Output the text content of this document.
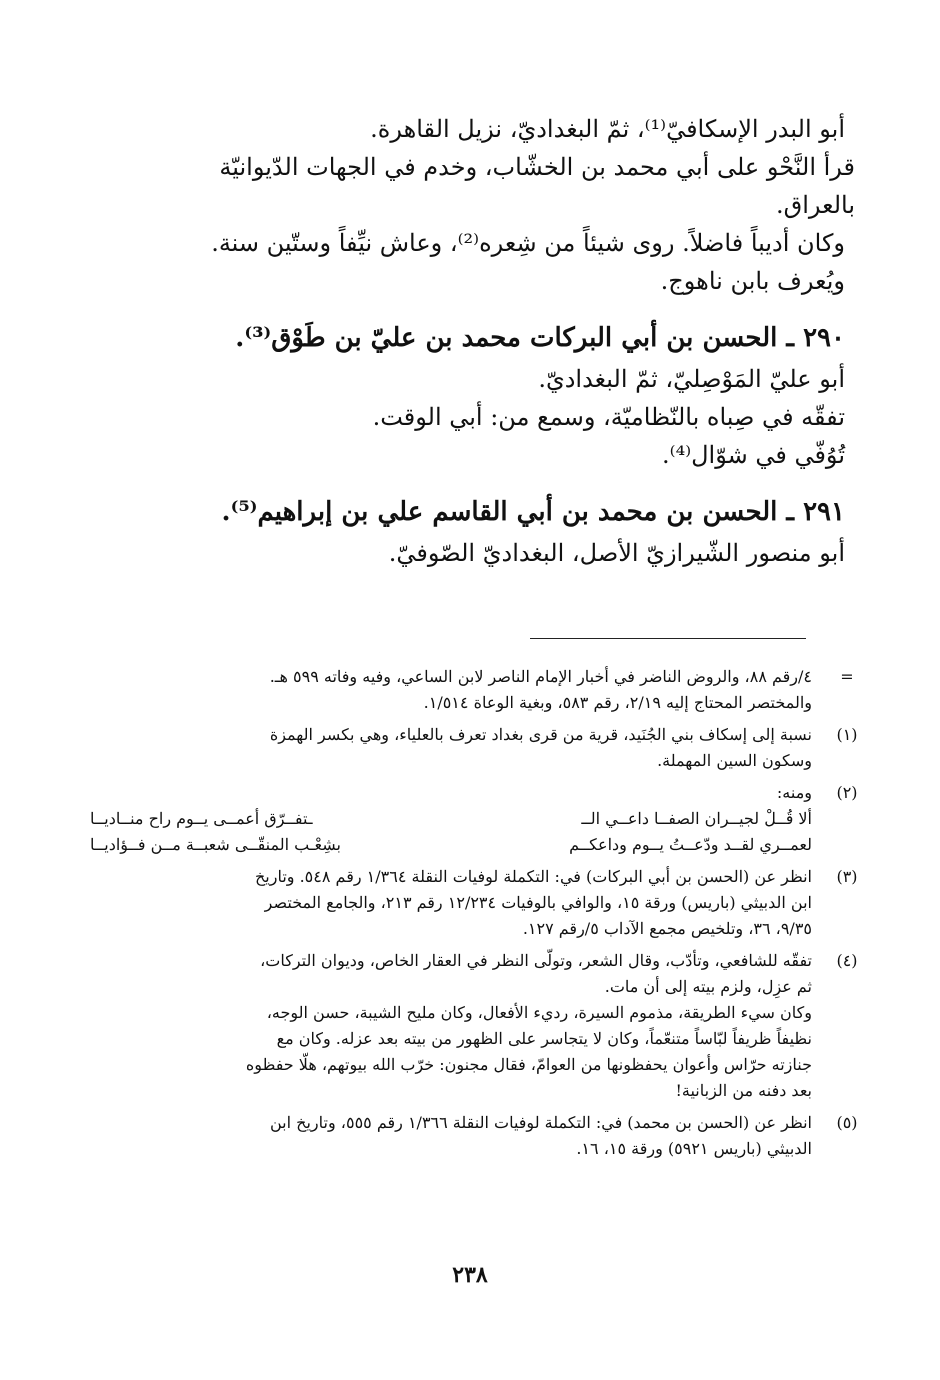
أبو البدر الإسكافيّ⁽¹⁾، ثمّ البغداديّ، نزيل القاهرة.

قرأ النَّحْو على أبي محمد بن الخشّاب، وخدم في الجهات الدّيوانيّة

بالعراق.

وكان أديباً فاضلاً. روى شيئاً من شِعره⁽²⁾، وعاش نيِّفاً وستّين سنة.

ويُعرف بابن ناهوج.

٢٩٠ ـ الحسن بن أبي البركات محمد بن عليّ بن طَوْق⁽³⁾.

أبو عليّ المَوْصِليّ، ثمّ البغداديّ.

تفقّه في صِباه بالنّظاميّة، وسمع من: أبي الوقت.

تُوُفّي في شوّال⁽⁴⁾.

٢٩١ ـ الحسن بن محمد بن أبي القاسم علي بن إبراهيم⁽⁵⁾.

أبو منصور الشّيرازيّ الأصل، البغداديّ الصّوفيّ.

=

٤/رقم ٨٨، والروض الناضر في أخبار الإمام الناصر لابن الساعي، وفيه وفاته ٥٩٩ هـ.

والمختصر المحتاج إليه ٢/١٩، رقم ٥٨٣، وبغية الوعاة ١/٥١٤.

(١)

نسبة إلى إسكاف بني الجُنَيد، قرية من قرى بغداد تعرف بالعلياء، وهي بكسر الهمزة

وسكون السين المهملة.

(٢)

ومنه:

ألا قُــلْ لجيــران الصفــا داعــي الــ
ـتفــرّق أعمــى يــوم راح منــاديــا
لعمــري لقــد ودّعــتُ يــوم وداعكــم
بشِعْـب المنقّــى شعبــة مــن فــؤاديــا
(٣)

انظر عن (الحسن بن أبي البركات) في: التكملة لوفيات النقلة ١/٣٦٤ رقم ٥٤٨. وتاريخ

ابن الدبيثي (باريس) ورقة ١٥، والوافي بالوفيات ١٢/٢٣٤ رقم ٢١٣، والجامع المختصر

٩/٣٥، ٣٦، وتلخيص مجمع الآداب ٥/رقم ١٢٧.

(٤)

تفقّه للشافعي، وتأدّب، وقال الشعر، وتولّى النظر في العقار الخاص، وديوان التركات،

ثم عزِل، ولزم بيته إلى أن مات.

وكان سيء الطريقة، مذموم السيرة، رديء الأفعال، وكان مليح الشيبة، حسن الوجه،

نظيفاً ظريفاً لبّاساً متنعّماً، وكان لا يتجاسر على الظهور من بيته بعد عزله. وكان مع

جنازته حرّاس وأعوان يحفظونها من العوامّ، فقال مجنون: خرّب الله بيوتهم، هلّا حفظوه

بعد دفنه من الزبانية!

(٥)

انظر عن (الحسن بن محمد) في: التكملة لوفيات النقلة ١/٣٦٦ رقم ٥٥٥، وتاريخ ابن

الدبيثي (باريس ٥٩٢١) ورقة ١٥، ١٦.

٢٣٨
